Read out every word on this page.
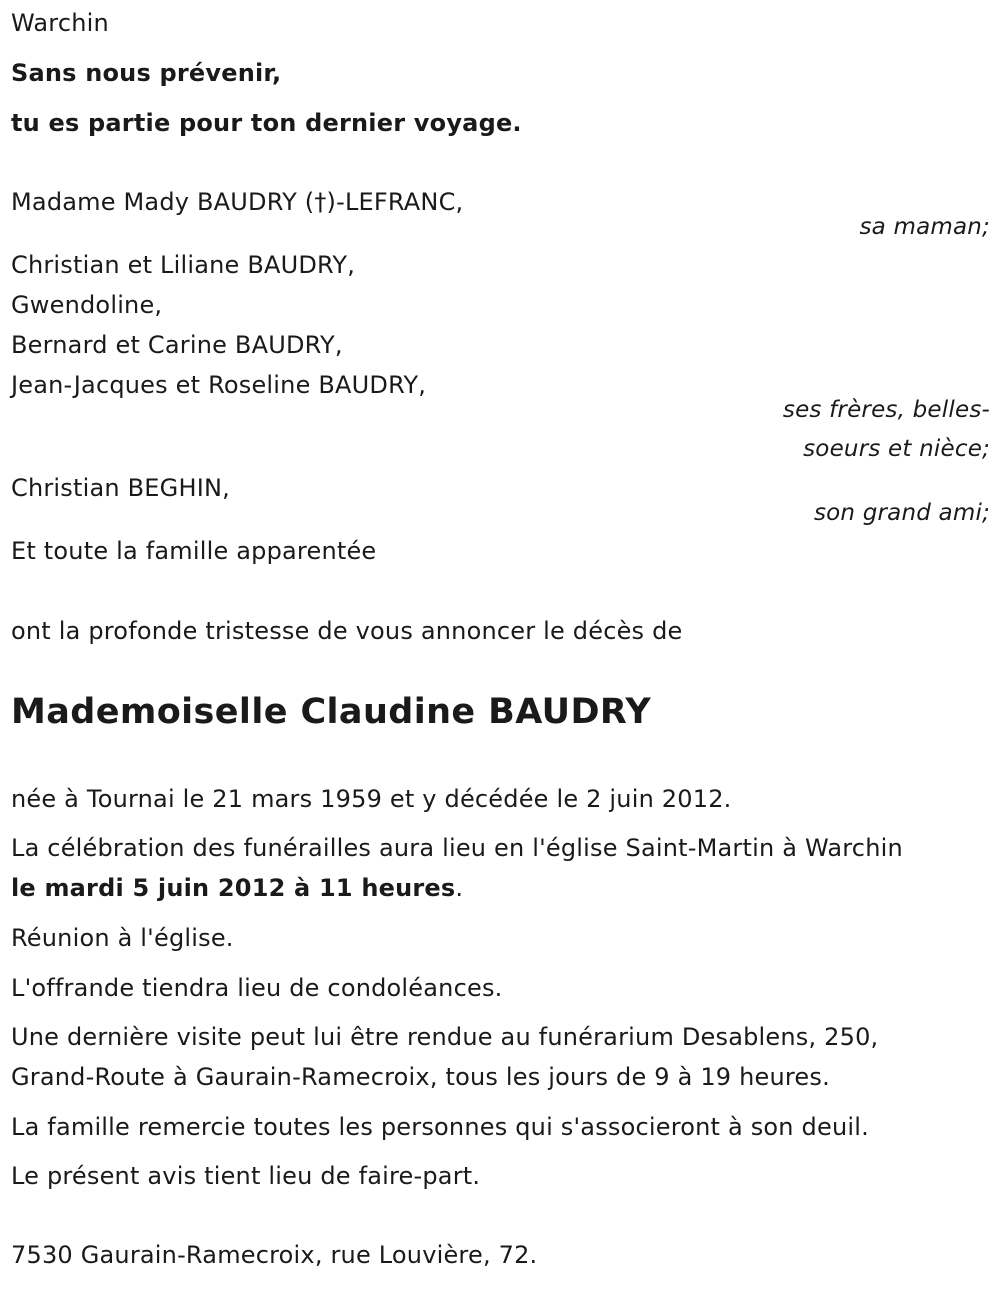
Warchin
Sans nous prévenir,
tu es partie pour ton dernier voyage.
Madame Mady BAUDRY (†)-LEFRANC,
sa maman;
Christian et Liliane BAUDRY,
Gwendoline,
Bernard et Carine BAUDRY,
Jean-Jacques et Roseline BAUDRY,
ses frères, belles-
soeurs et nièce;
Christian BEGHIN,
son grand ami;
Et toute la famille apparentée
ont la profonde tristesse de vous annoncer le décès de
Mademoiselle Claudine BAUDRY
née à Tournai le 21 mars 1959 et y décédée le 2 juin 2012.
La célébration des funérailles aura lieu en l'église Saint-Martin à Warchin
le mardi 5 juin 2012 à 11 heures.
Réunion à l'église.
L'offrande tiendra lieu de condoléances.
Une dernière visite peut lui être rendue au funérarium Desablens, 250,
Grand-Route à Gaurain-Ramecroix, tous les jours de 9 à 19 heures.
La famille remercie toutes les personnes qui s'associeront à son deuil.
Le présent avis tient lieu de faire-part.
7530 Gaurain-Ramecroix, rue Louvière, 72.
